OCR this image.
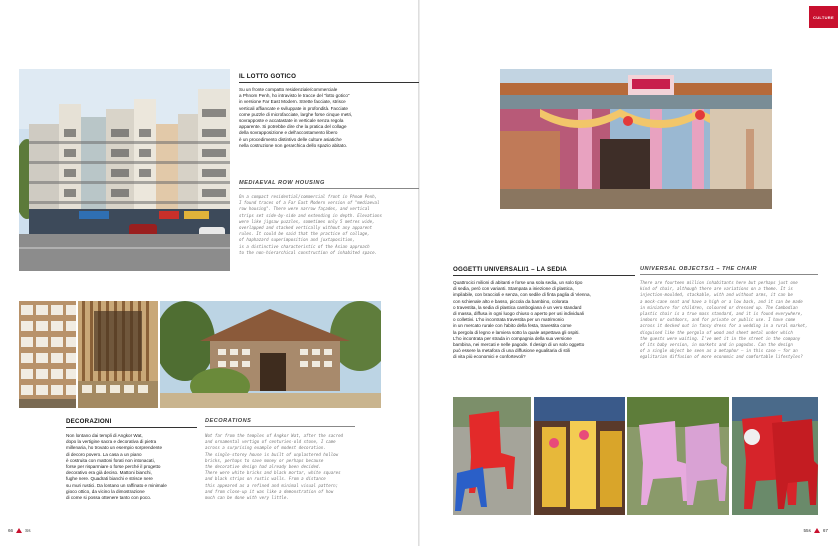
CULTURE
IL LOTTO GOTICO
Su un fronte compatto residenziale/commerciale
a Phnom Penh, ho intravisto le tracce del "lotto gotico"
in versione Far East Modern. Strette facciate, strisce
verticali affiancate e sviluppate in profondità. Facciate
come puzzle di microfacciate, larghe forse cinque metri,
sovrapposte e accatastate in verticale senza regola
apparente. Si potrebbe dire che la pratica del collage
della sovrapposizione e dell'accostamento libero
è un procedimento distintivo delle culture asiatiche
nella costruzione non gerarchica dello spazio abitato.
MEDIAEVAL ROW HOUSING
On a compact residential/commercial front in Phnom Penh,
I found traces of a Far East Modern version of "mediaeval
row housing". There were narrow façades, and vertical
strips set side-by-side and extending in depth. Elevations
were like jigsaw puzzles, sometimes only 5 metres wide,
overlapped and stacked vertically without any apparent
rules. It could be said that the practice of collage,
of haphazard superimposition and juxtaposition,
is a distinctive characteristic of the Asian approach
to the non-hierarchical construction of inhabited space.
DECORAZIONI
Non lontano dai templi di Angkor Wat,
dopo la vertigine sacra e decorativa di pietra
millenaria, ho trovato un esempio sorprendente
di decoro povero. La casa a un piano
è costruita con mattoni forati non intonacati,
forse per risparmiare o forse perché il progetto
decorativo era già deciso. Mattoni bianchi,
fughe nere. Quadrati bianchi e strisce nere
su muri rustici. Da lontano un raffinato e minimale
gioco ottico, da vicino la dimostrazione
di come si possa ottenere tanto con poco.
DECORATIONS
Not far from the temples of Angkor Wat, after the sacred
and ornamental vertigo of centuries-old stone, I came
across a surprising example of modest decoration.
The single-storey house is built of unplastered hollow
bricks, perhaps to save money or perhaps because
the decorative design had already been decided.
There were white bricks and black mortar, white squares
and black strips on rustic walls. From a distance
this appeared as a refined and minimal visual pattern;
and from close-up it was like a demonstration of how
much can be done with very little.
66	Ss
OGGETTI UNIVERSALI/1 – LA SEDIA
Quattrocici milioni di abitanti e forse una sola sedia, un solo tipo
di sedia, però con varianti. Stampata a iniezione di plastica,
impilabile, con braccioli e senza, con sedile di finta paglia di Vienna,
con schienale alto e basso, piccola da bambino, colorata
o travestita, la sedia di plastica cambogiana è un vero standard
di massa, diffusa in ogni luogo chiuso o aperto per usi individuali
o collettivi. L'ho incontrata travestita per un matrimonio
in un mercato rurale con l'abito della festa, travestita come
la pergola di legno e lamiera sotto la quale aspettava gli ospiti.
L'ho incontrata per strada in compagnia della sua versione
bambina, nei mercati e nelle pagode. Il design di un solo oggetto
può essere la metafora di una diffusione egualitaria di stili
di vita più economici e confortevoli?
UNIVERSAL OBJECTS/1 – THE CHAIR
There are fourteen million inhabitants here but perhaps just one
kind of chair, although there are variations on a theme. It is
injection-moulded, stackable, with and without arms, it can be
a mock-cane seat and have a high or a low back, and it can be made
in miniature for children, coloured or dressed up. The Cambodian
plastic chair is a true mass standard, and it is found everywhere,
indoors or outdoors, and for private or public use. I have come
across it decked out in fancy dress for a wedding in a rural market,
disguised like the pergola of wood and sheet metal under which
the guests were waiting. I've met it in the street in the company
of its baby version, in markets and in pagodas. Can the design
of a single object be seen as a metaphor – in this case – for an
egalitarian diffusion of more economic and comfortable lifestyles?
55s	67
